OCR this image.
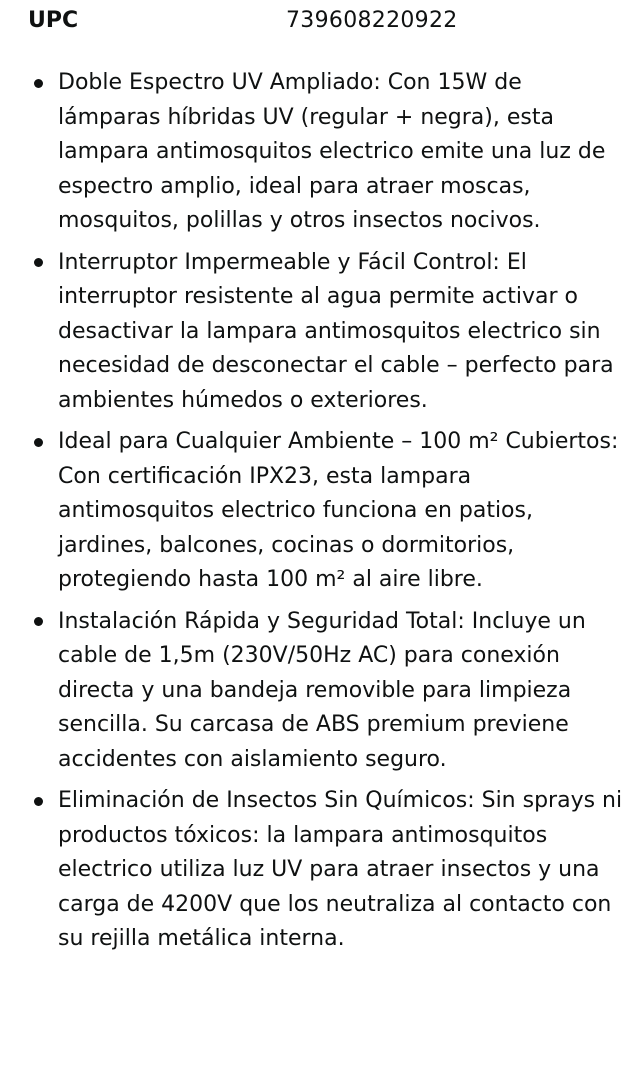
UPC	739608220922
Doble Espectro UV Ampliado: Con 15W de lámparas híbridas UV (regular + negra), esta lampara antimosquitos electrico emite una luz de espectro amplio, ideal para atraer moscas, mosquitos, polillas y otros insectos nocivos.
Interruptor Impermeable y Fácil Control: El interruptor resistente al agua permite activar o desactivar la lampara antimosquitos electrico sin necesidad de desconectar el cable – perfecto para ambientes húmedos o exteriores.
Ideal para Cualquier Ambiente – 100 m² Cubiertos: Con certificación IPX23, esta lampara antimosquitos electrico funciona en patios, jardines, balcones, cocinas o dormitorios, protegiendo hasta 100 m² al aire libre.
Instalación Rápida y Seguridad Total: Incluye un cable de 1,5m (230V/50Hz AC) para conexión directa y una bandeja removible para limpieza sencilla. Su carcasa de ABS premium previene accidentes con aislamiento seguro.
Eliminación de Insectos Sin Químicos: Sin sprays ni productos tóxicos: la lampara antimosquitos electrico utiliza luz UV para atraer insectos y una carga de 4200V que los neutraliza al contacto con su rejilla metálica interna.
